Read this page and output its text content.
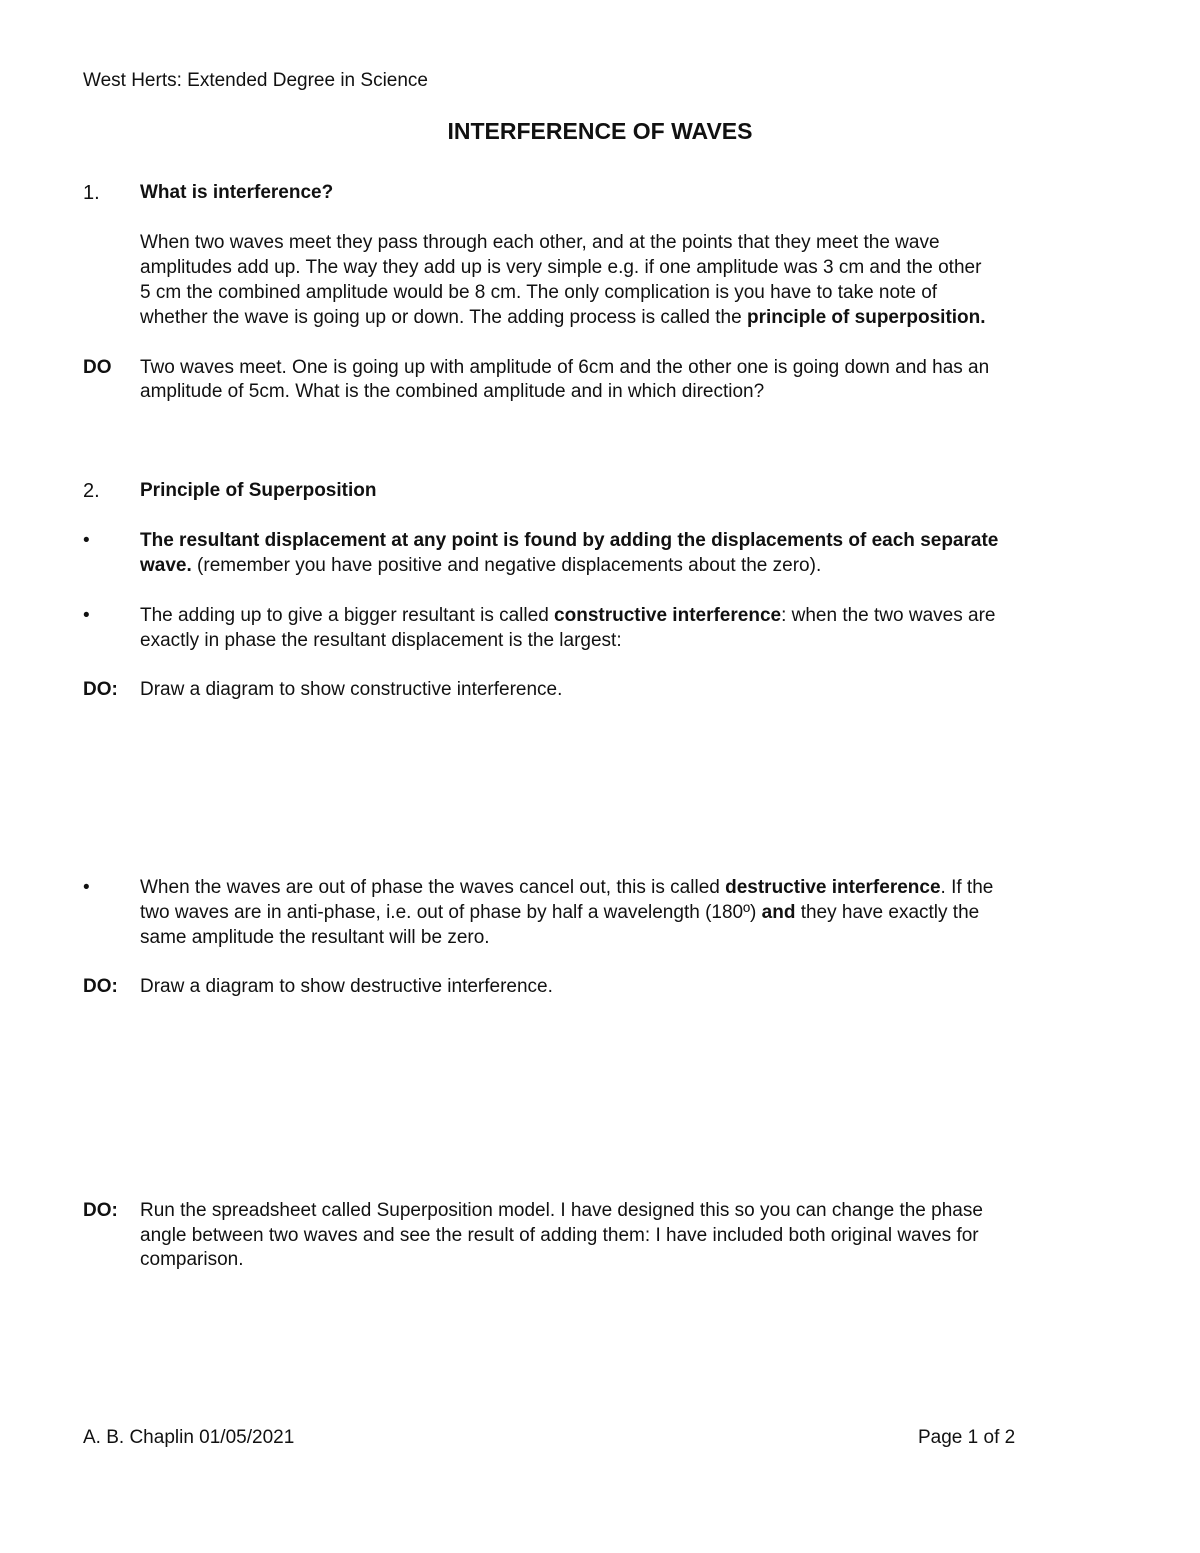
West Herts: Extended Degree in Science
INTERFERENCE OF WAVES
1. What is interference?
When two waves meet they pass through each other, and at the points that they meet the wave
amplitudes add up. The way they add up is very simple e.g. if one amplitude was 3 cm and the other
5 cm the combined amplitude would be 8 cm. The only complication is you have to take note of
whether the wave is going up or down. The adding process is called the principle of superposition.
DO Two waves meet. One is going up with amplitude of 6cm and the other one is going down and has an
amplitude of 5cm. What is the combined amplitude and in which direction?
2. Principle of Superposition
•	The resultant displacement at any point is found by adding the displacements of each separate
wave. (remember you have positive and negative displacements about the zero).
•	The adding up to give a bigger resultant is called constructive interference: when the two waves are
exactly in phase the resultant displacement is the largest:
DO: Draw a diagram to show constructive interference.
•	When the waves are out of phase the waves cancel out, this is called destructive interference. If the
two waves are in anti-phase, i.e. out of phase by half a wavelength (180º) and they have exactly the
same amplitude the resultant will be zero.
DO: Draw a diagram to show destructive interference.
DO: Run the spreadsheet called Superposition model. I have designed this so you can change the phase
angle between two waves and see the result of adding them: I have included both original waves for
comparison.
A. B. Chaplin 01/05/2021	Page 1 of 2
